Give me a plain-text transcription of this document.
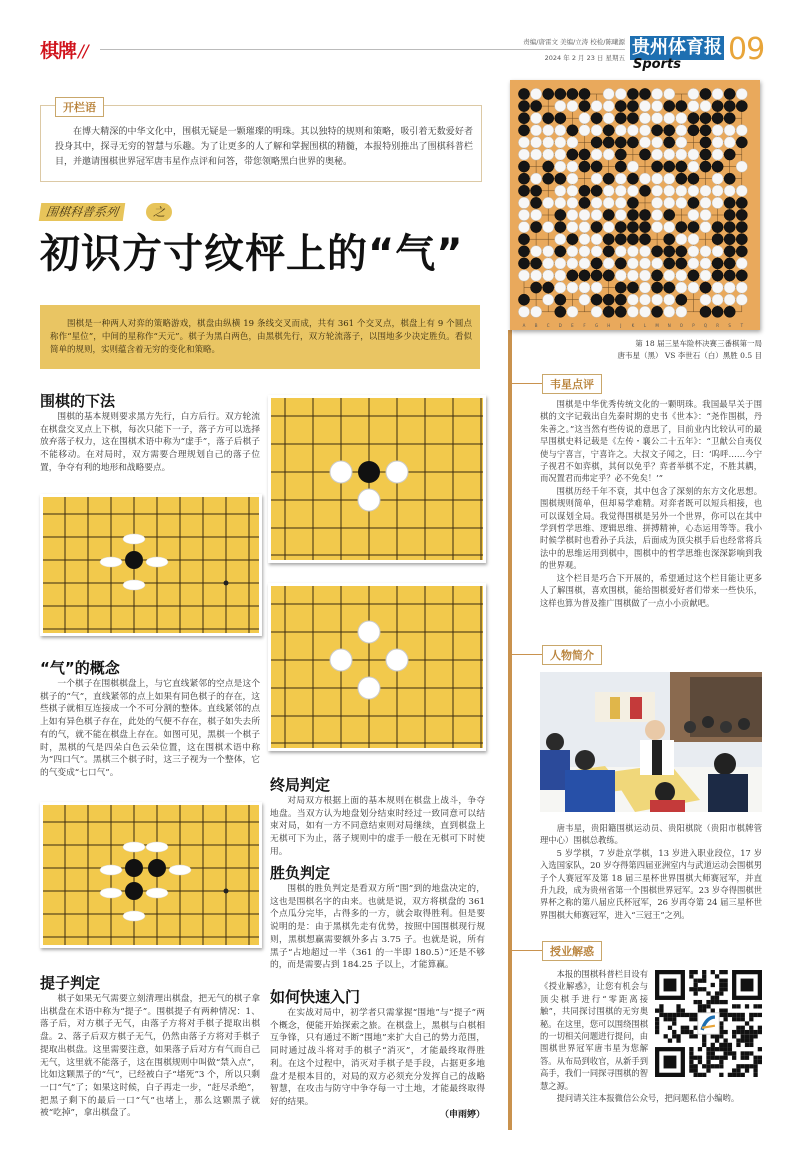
棋牌 //	责编/唐雷文 美编/立涛 校检/陈曦源
2024 年 2 月 23 日 星期五 贵州体育报
Sports 09
开栏语
在博大精深的中华文化中，围棋无疑是一颗璀璨的明珠。其以独特的规则和策略，吸引着无数爱好者投身其中，探寻无穷的智慧与乐趣。为了让更多的人了解和掌握围棋的精髓，本报特别推出了围棋科普栏目，并邀请围棋世界冠军唐韦星作点评和问答，带您领略黑白世界的奥秘。
围棋科普系列	之
初识方寸纹枰上的“气”
围棋是一种两人对弈的策略游戏，棋盘由纵横 19 条线交叉而成，共有 361 个交叉点，棋盘上有 9 个圆点称作“星位”，中间的星称作“天元”。棋子为黑白两色，由黑棋先行，双方轮流落子，以围地多少决定胜负。看似简单的规则，实则蕴含着无穷的变化和策略。
围棋的下法

围棋的基本规则要求黑方先行，白方后行。双方轮流在棋盘交叉点上下棋，每次只能下一子，落子方可以选择放弃落子权力，这在围棋术语中称为“虚手”，落子后棋子不能移动。在对局时，双方需要合理规划自己的落子位置，争夺有利的地形和战略要点。

“气”的概念

一个棋子在围棋棋盘上，与它直线紧邻的空点是这个棋子的“气”，直线紧邻的点上如果有同色棋子的存在，这些棋子就相互连接成一个不可分割的整体。直线紧邻的点上如有异色棋子存在，此处的气便不存在，棋子如失去所有的气，就不能在棋盘上存在。如图可见，黑棋一个棋子时，黑棋的气是四朵白色云朵位置，这在围棋术语中称为“四口气”。黑棋三个棋子时，这三子视为一个整体，它的气变成“七口气”。

提子判定

棋子如果无气需要立刻清理出棋盘，把无气的棋子拿出棋盘在术语中称为“提子”。围棋提子有两种情况：1、落子后，对方棋子无气，由落子方将对手棋子提取出棋盘。2、落子后双方棋子无气，仍然由落子方将对手棋子提取出棋盘。这里需要注意，如果落子后对方有气而自己无气，这里就不能落子，这在围棋规则中叫做“禁入点”，比如这颗黑子的“气”，已经被白子“堵死”3 个，所以只剩一口“气”了；如果这时候，白子再走一步，“赶尽杀绝”，把黑子剩下的最后一口“气”也堵上，那么这颗黑子就被“吃掉”，拿出棋盘了。

终局判定

对局双方根据上面的基本规则在棋盘上战斗，争夺地盘。当双方认为地盘划分结束时经过一致同意可以结束对局，如有一方不同意结束则对局继续，直到棋盘上无棋可下为止，落子规则中的虚手一般在无棋可下时使用。

胜负判定

围棋的胜负判定是看双方所“围”到的地盘决定的，这也是围棋名字的由来。也就是说，双方将棋盘的 361 个点瓜分完毕，占得多的一方，就会取得胜利。但是要说明的是：由于黑棋先走有优势，按照中国围棋现行规则，黑棋想赢需要额外多占 3.75 子。也就是说，所有黑子“占地超过一半（361 的一半即 180.5）”还是不够的，而是需要占到 184.25 子以上，才能算赢。

如何快速入门

在实战对局中，初学者只需掌握“围地”与“提子”两个概念，便能开始探索之旅。在棋盘上，黑棋与白棋相互争锋，只有通过不断“围地”来扩大自己的势力范围，同时通过战斗将对手的棋子“消灭”，才能最终取得胜利。在这个过程中，消灭对手棋子是手段，占据更多地盘才是根本目的，对局的双方必须充分发挥自己的战略智慧，在攻击与防守中争夺每一寸土地，才能最终取得好的结果。

（申雨婷）
A B C D E F G H J	K L M N O P Q R S T
第 18 届三星车险杯决赛三番棋第一局
唐韦星（黑） VS 李世石（白）黑胜 0.5 目
韦星点评

围棋是中华优秀传统文化的一颗明珠。我国最早关于围棋的文字记载出自先秦时期的史书《世本》：“尧作围棋，丹朱善之。”这当然有些传说的意思了，目前业内比较认可的最早围棋史料记载是《左传・襄公二十五年》：“卫献公自夷仪使与宁喜言，宁喜许之。大叔文子闻之，曰：‘呜呼……今宁子视君不如弈棋，其何以免乎？弈者举棋不定，不胜其耦，而况置君而弗定乎？必不免矣！’”

围棋历经千年不衰，其中包含了深刻的东方文化思想。围棋规则简单，但却易学难精。对弈者既可以短兵相接，也可以谋划全局。我觉得围棋是另外一个世界，你可以在其中学到哲学思维、逻辑思维、拼搏精神，心态运用等等。我小时候学棋时也看孙子兵法，后面成为顶尖棋手后也经常将兵法中的思维运用到棋中，围棋中的哲学思维也深深影响到我的世界观。

这个栏目是巧合下开展的，希望通过这个栏目能让更多人了解围棋，喜欢围棋，能给围棋爱好者们带来一些快乐，这样也算为普及推广围棋做了一点小小贡献吧。

人物简介

唐韦星，贵阳籍围棋运动员、贵阳棋院（贵阳市棋牌管理中心）围棋总教练。

5 岁学棋，7 岁赴京学棋，13 岁进入职业段位，17 岁入选国家队，20 岁夺得第四届亚洲室内与武道运动会围棋男子个人赛冠军及第 18 届三星杯世界围棋大师赛冠军，并直升九段，成为贵州省第一个围棋世界冠军。23 岁夺得围棋世界杯之称的第八届应氏杯冠军，26 岁再夺第 24 届三星杯世界围棋大师赛冠军，进入“三冠王”之列。

授业解惑

本报的围棋科普栏目设有《授业解惑》，让您有机会与顶尖棋手进行“零距离接触”，共同探讨围棋的无穷奥秘。在这里，您可以围绕围棋的一切相关问题进行提问，由围棋世界冠军唐韦星为您解答。从布局到收官，从新手到高手，我们一同探寻围棋的智慧之源。

提问请关注本报微信公众号，把问题私信小编哟。
